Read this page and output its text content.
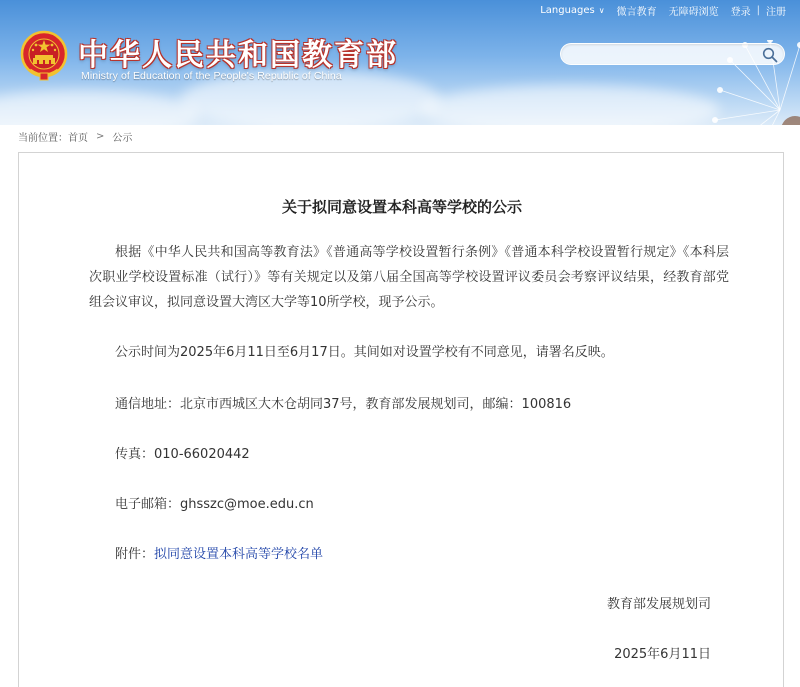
Languages ∨ 微言教育 无障碍浏览 登录 | 注册
中华人民共和国教育部
Ministry of Education of the People's Republic of China
当前位置： 首页 > 公示
关于拟同意设置本科高等学校的公示

根据《中华人民共和国高等教育法》《普通高等学校设置暂行条例》《普通本科学校设置暂行规定》《本科层次职业学校设置标准（试行）》等有关规定以及第八届全国高等学校设置评议委员会考察评议结果，经教育部党组会议审议，拟同意设置大湾区大学等10所学校，现予公示。

公示时间为2025年6月11日至6月17日。其间如对设置学校有不同意见，请署名反映。

通信地址：北京市西城区大木仓胡同37号，教育部发展规划司，邮编：100816
传真：010-66020442
电子邮箱：ghsszc@moe.edu.cn
附件：拟同意设置本科高等学校名单
教育部发展规划司
2025年6月11日
